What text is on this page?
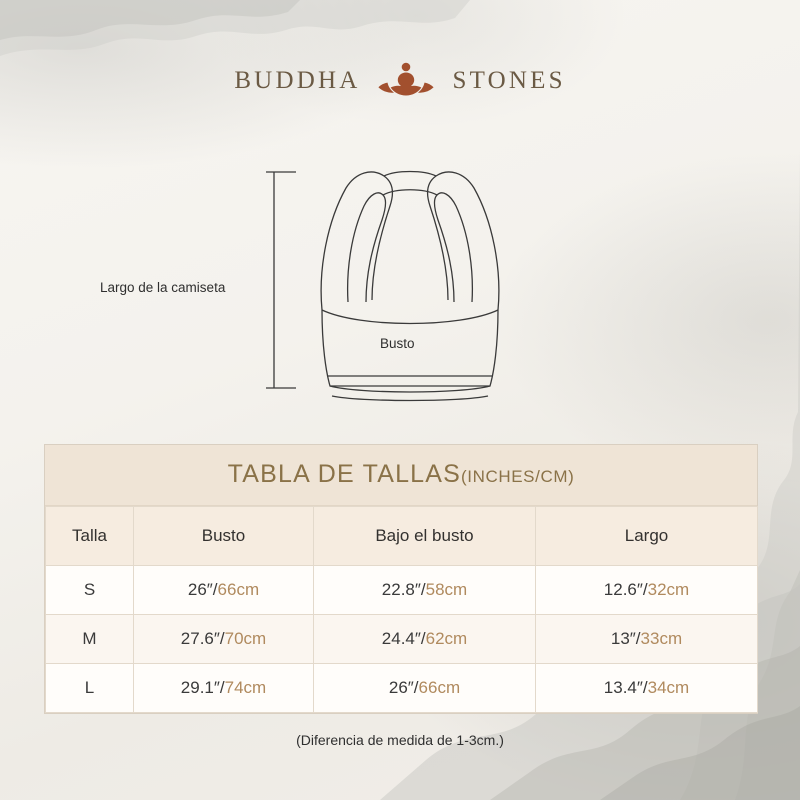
BUDDHA	STONES
Largo de la camiseta
Busto
TABLA DE TALLAS(INCHES/CM)
Talla	Busto	Bajo el busto	Largo
S	26″/66cm	22.8″/58cm	12.6″/32cm
M	27.6″/70cm	24.4″/62cm	13″/33cm
L	29.1″/74cm	26″/66cm	13.4″/34cm
(Diferencia de medida de 1-3cm.)
